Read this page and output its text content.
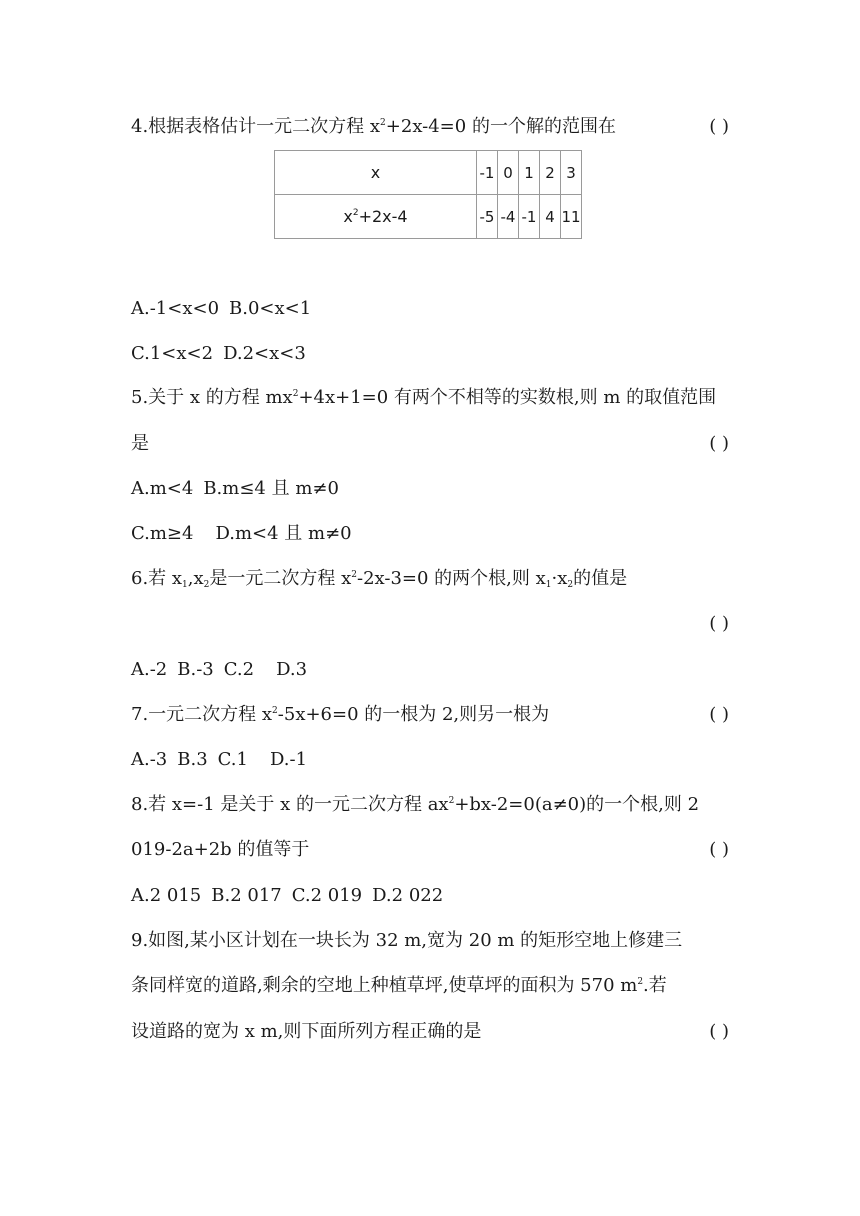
4.根据表格估计一元二次方程 $x^2+2x-4=0$ 的一个解的范围在	( )
x	-1	0	1	2	3
$x^2+2x-4$	-5	-4	-1	4	11
A.-1<x<0 B.0<x<1
C.1<x<2 D.2<x<3
5.关于 x 的方程 $mx^2+4x+1=0$ 有两个不相等的实数根,则 m 的取值范围
是	( )
A.m<4 B.m≤4 且 m≠0
C.m≥4 D.m<4 且 m≠0
6.若 $x_1,x_2$是一元二次方程 $x^2-2x-3=0$ 的两个根,则 $x_1\cdot x_2$的值是
( )
A.-2 B.-3 C.2 D.3
7.一元二次方程 $x^2-5x+6=0$ 的一根为 2,则另一根为	( )
A.-3 B.3 C.1 D.-1
8.若 x=-1 是关于 x 的一元二次方程 $ax^2+bx-2=0(a\ne 0)$的一个根,则 2
019-2a+2b 的值等于	( )
A.2 015 B.2 017 C.2 019 D.2 022
9.如图,某小区计划在一块长为 32 m,宽为 20 m 的矩形空地上修建三
条同样宽的道路,剩余的空地上种植草坪,使草坪的面积为 570 $m^2$.若
设道路的宽为 x m,则下面所列方程正确的是	( )
